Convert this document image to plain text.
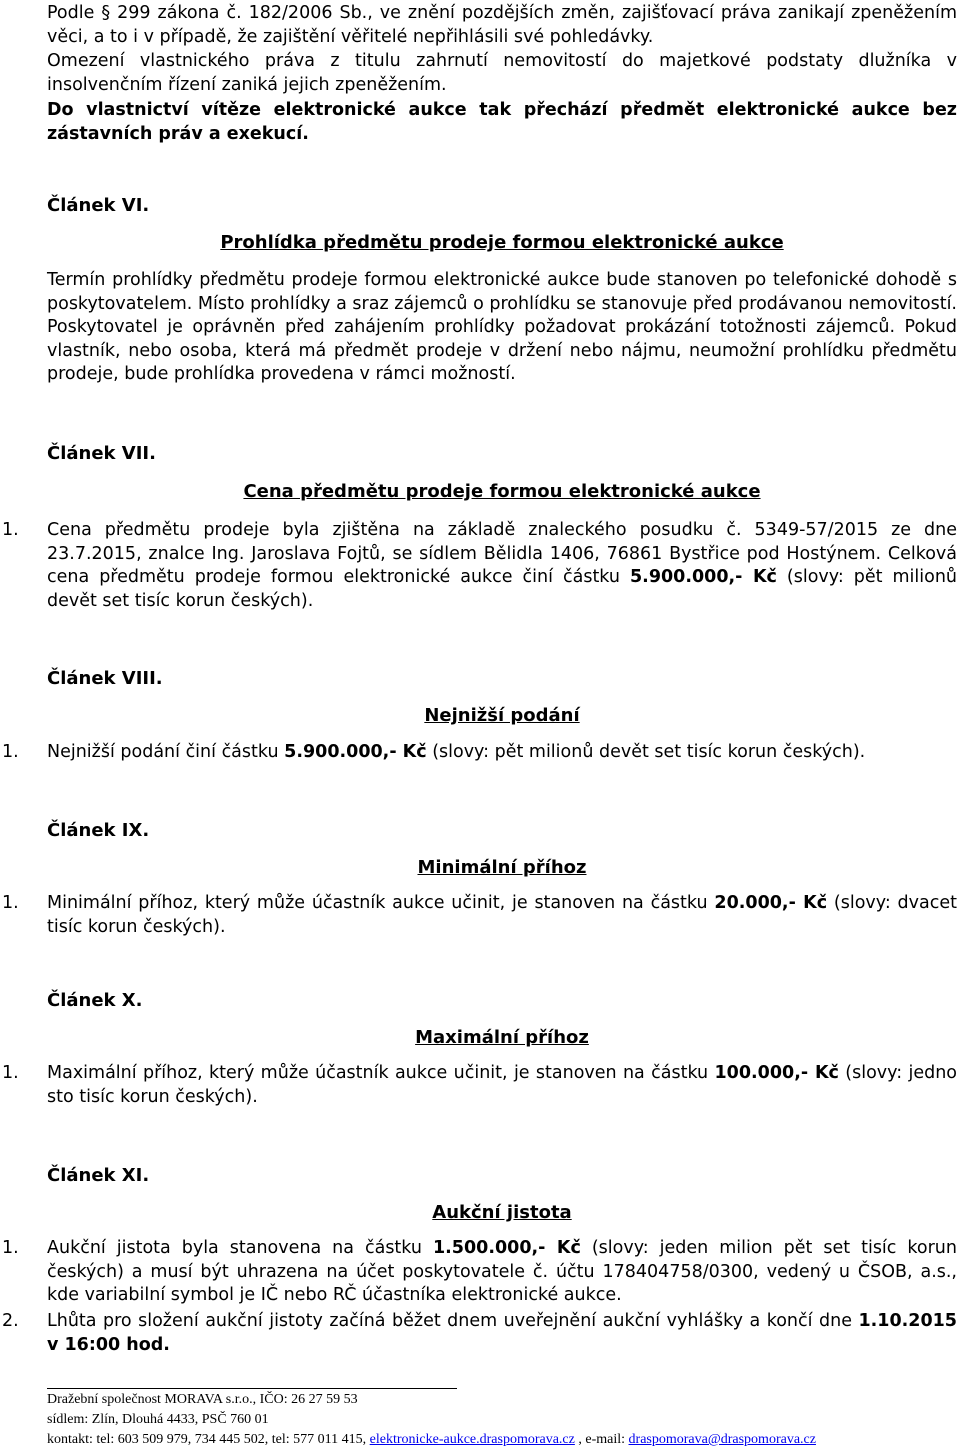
Podle § 299 zákona č. 182/2006 Sb., ve znění pozdějších změn, zajišťovací práva zanikají zpeněžením věci, a to i v případě, že zajištění věřitelé nepřihlásili své pohledávky.

Omezení vlastnického práva z titulu zahrnutí nemovitostí do majetkové podstaty dlužníka v insolvenčním řízení zaniká jejich zpeněžením.

Do vlastnictví vítěze elektronické aukce tak přechází předmět elektronické aukce bez zástavních práv a exekucí.

Článek VI.
Prohlídka předmětu prodeje formou elektronické aukce

Termín prohlídky předmětu prodeje formou elektronické aukce bude stanoven po telefonické dohodě s poskytovatelem. Místo prohlídky a sraz zájemců o prohlídku se stanovuje před prodávanou nemovitostí. Poskytovatel je oprávněn před zahájením prohlídky požadovat prokázání totožnosti zájemců. Pokud vlastník, nebo osoba, která má předmět prodeje v držení nebo nájmu, neumožní prohlídku předmětu prodeje, bude prohlídka provedena v rámci možností.

Článek VII.
Cena předmětu prodeje formou elektronické aukce
1.	Cena předmětu prodeje byla zjištěna na základě znaleckého posudku č. 5349-57/2015 ze dne 23.7.2015, znalce Ing. Jaroslava Fojtů, se sídlem Bělidla 1406, 76861 Bystřice pod Hostýnem. Celková cena předmětu prodeje formou elektronické aukce činí částku 5.900.000,- Kč (slovy: pět milionů devět set tisíc korun českých).
Článek VIII.
Nejnižší podání
1.	Nejnižší podání činí částku 5.900.000,- Kč (slovy: pět milionů devět set tisíc korun českých).
Článek IX.
Minimální příhoz
1.	Minimální příhoz, který může účastník aukce učinit, je stanoven na částku 20.000,- Kč (slovy: dvacet tisíc korun českých).
Článek X.
Maximální příhoz
1.	Maximální příhoz, který může účastník aukce učinit, je stanoven na částku 100.000,- Kč (slovy: jedno sto tisíc korun českých).
Článek XI.
Aukční jistota
1.	Aukční jistota byla stanovena na částku 1.500.000,- Kč (slovy: jeden milion pět set tisíc korun českých) a musí být uhrazena na účet poskytovatele č. účtu 178404758/0300, vedený u ČSOB, a.s., kde variabilní symbol je IČ nebo RČ účastníka elektronické aukce.
2.	Lhůta pro složení aukční jistoty začíná běžet dnem uveřejnění aukční vyhlášky a končí dne 1.10.2015 v 16:00 hod.
Dražební společnost MORAVA s.r.o., IČO: 26 27 59 53
sídlem: Zlín, Dlouhá 4433, PSČ 760 01
kontakt: tel: 603 509 979, 734 445 502, tel: 577 011 415, elektronicke-aukce.draspomorava.cz , e-mail: draspomorava@draspomorava.cz
